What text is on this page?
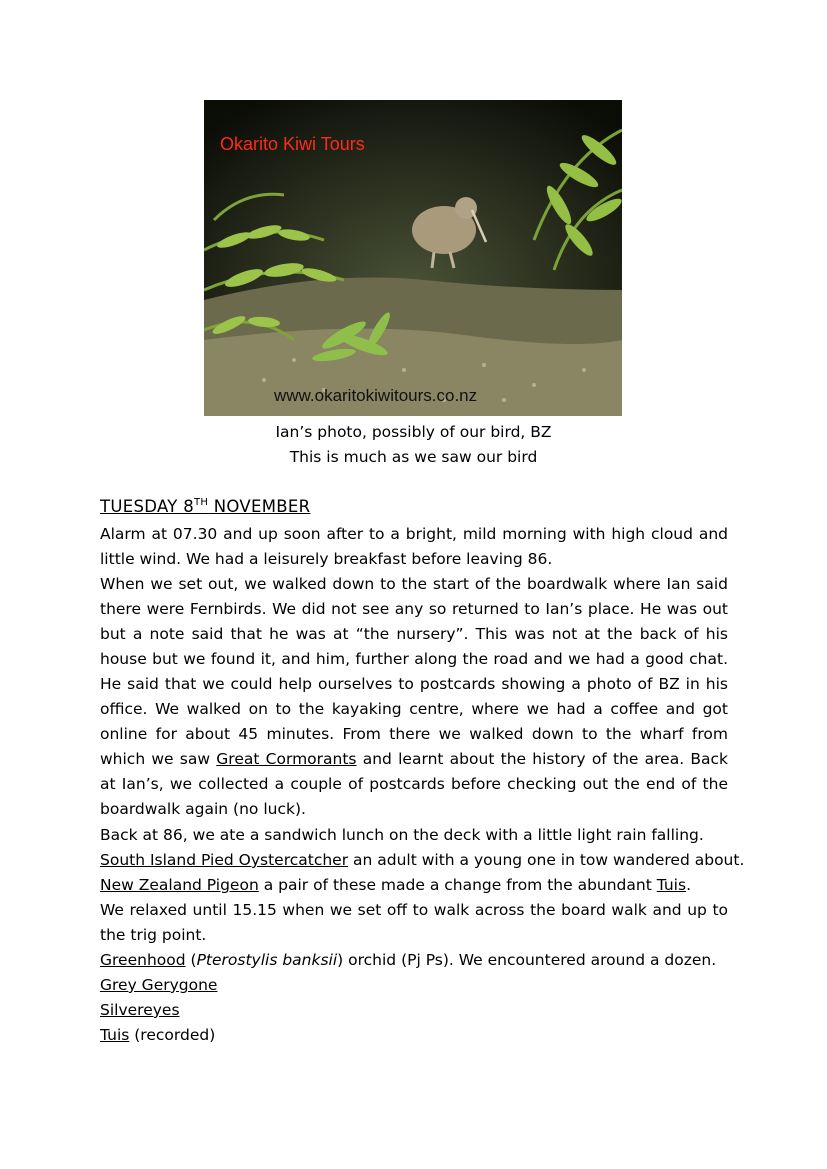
Okarito Kiwi Tours
www.okaritokiwitours.co.nz
Ian’s photo, possibly of our bird, BZ
This is much as we saw our bird
TUESDAY 8TH NOVEMBER
Alarm at 07.30 and up soon after to a bright, mild morning with high cloud and little wind. We had a leisurely breakfast before leaving 86.
When we set out, we walked down to the start of the boardwalk where Ian said there were Fernbirds. We did not see any so returned to Ian’s place. He was out but a note said that he was at “the nursery”. This was not at the back of his house but we found it, and him, further along the road and we had a good chat. He said that we could help ourselves to postcards showing a photo of BZ in his office. We walked on to the kayaking centre, where we had a coffee and got online for about 45 minutes. From there we walked down to the wharf from which we saw Great Cormorants and learnt about the history of the area. Back at Ian’s, we collected a couple of postcards before checking out the end of the boardwalk again (no luck).
Back at 86, we ate a sandwich lunch on the deck with a little light rain falling.
South Island Pied Oystercatcher an adult with a young one in tow wandered about.
New Zealand Pigeon a pair of these made a change from the abundant Tuis.
We relaxed until 15.15 when we set off to walk across the board walk and up to the trig point.
Greenhood (Pterostylis banksii) orchid (Pj Ps). We encountered around a dozen.
Grey Gerygone
Silvereyes
Tuis (recorded)
